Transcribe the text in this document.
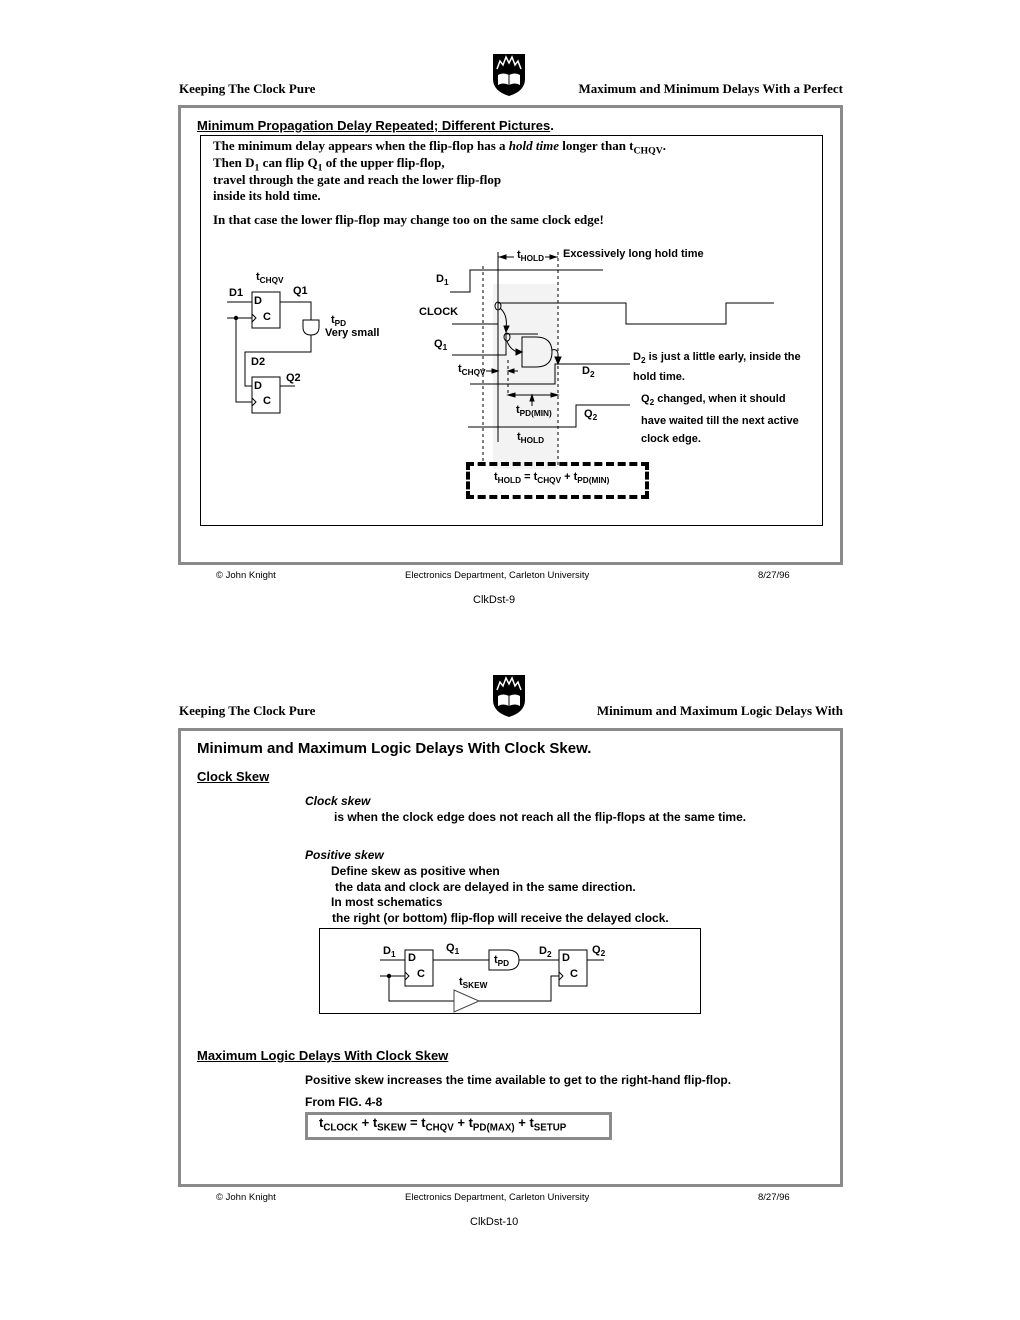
Keeping The Clock Pure	Maximum and Minimum Delays With a Perfect
Minimum Propagation Delay Repeated; Different Pictures.
The minimum delay appears when the flip-flop has a hold time longer than $t_{CHQV}$.
Then $D_1$ can flip $Q_1$ of the upper flip-flop,
travel through the gate and reach the lower flip-flop
inside its hold time.
In that case the lower flip-flop may change too on the same clock edge!
$t_{CHQV}$
D1	Q1
D
C	$t_{PD}$
Very small
D2
Q2
D
C
$t_{HOLD}$ Excessively long hold time
$D_1$
CLOCK
$Q_1$
$t_{CHQV}$	$D_2$
$t_{PD(MIN)}$	$Q_2$
$t_{HOLD}$
$D_2$ is just a little early, inside the
hold time.
$Q_2$ changed, when it should
have waited till the next active
clock edge.
$t_{HOLD} = t_{CHQV} + t_{PD(MIN)}$
© John Knight	Electronics Department, Carleton University	8/27/96
ClkDst-9
Keeping The Clock Pure	Minimum and Maximum Logic Delays With
Minimum and Maximum Logic Delays With Clock Skew.
Clock Skew
Clock skew
is when the clock edge does not reach all the flip-flops at the same time.
Positive skew
Define skew as positive when
the data and clock are delayed in the same direction.
In most schematics
the right (or bottom) flip-flop will receive the delayed clock.
$D_1$ D
C
$Q_1$
$t_{PD}$
$D_2$ D
C
$Q_2$
$t_{SKEW}$
Maximum Logic Delays With Clock Skew
Positive skew increases the time available to get to the right-hand flip-flop.
From FIG. 4-8
$t_{CLOCK} + t_{SKEW} = t_{CHQV} + t_{PD(MAX)} + t_{SETUP}$
© John Knight	Electronics Department, Carleton University	8/27/96
ClkDst-10
